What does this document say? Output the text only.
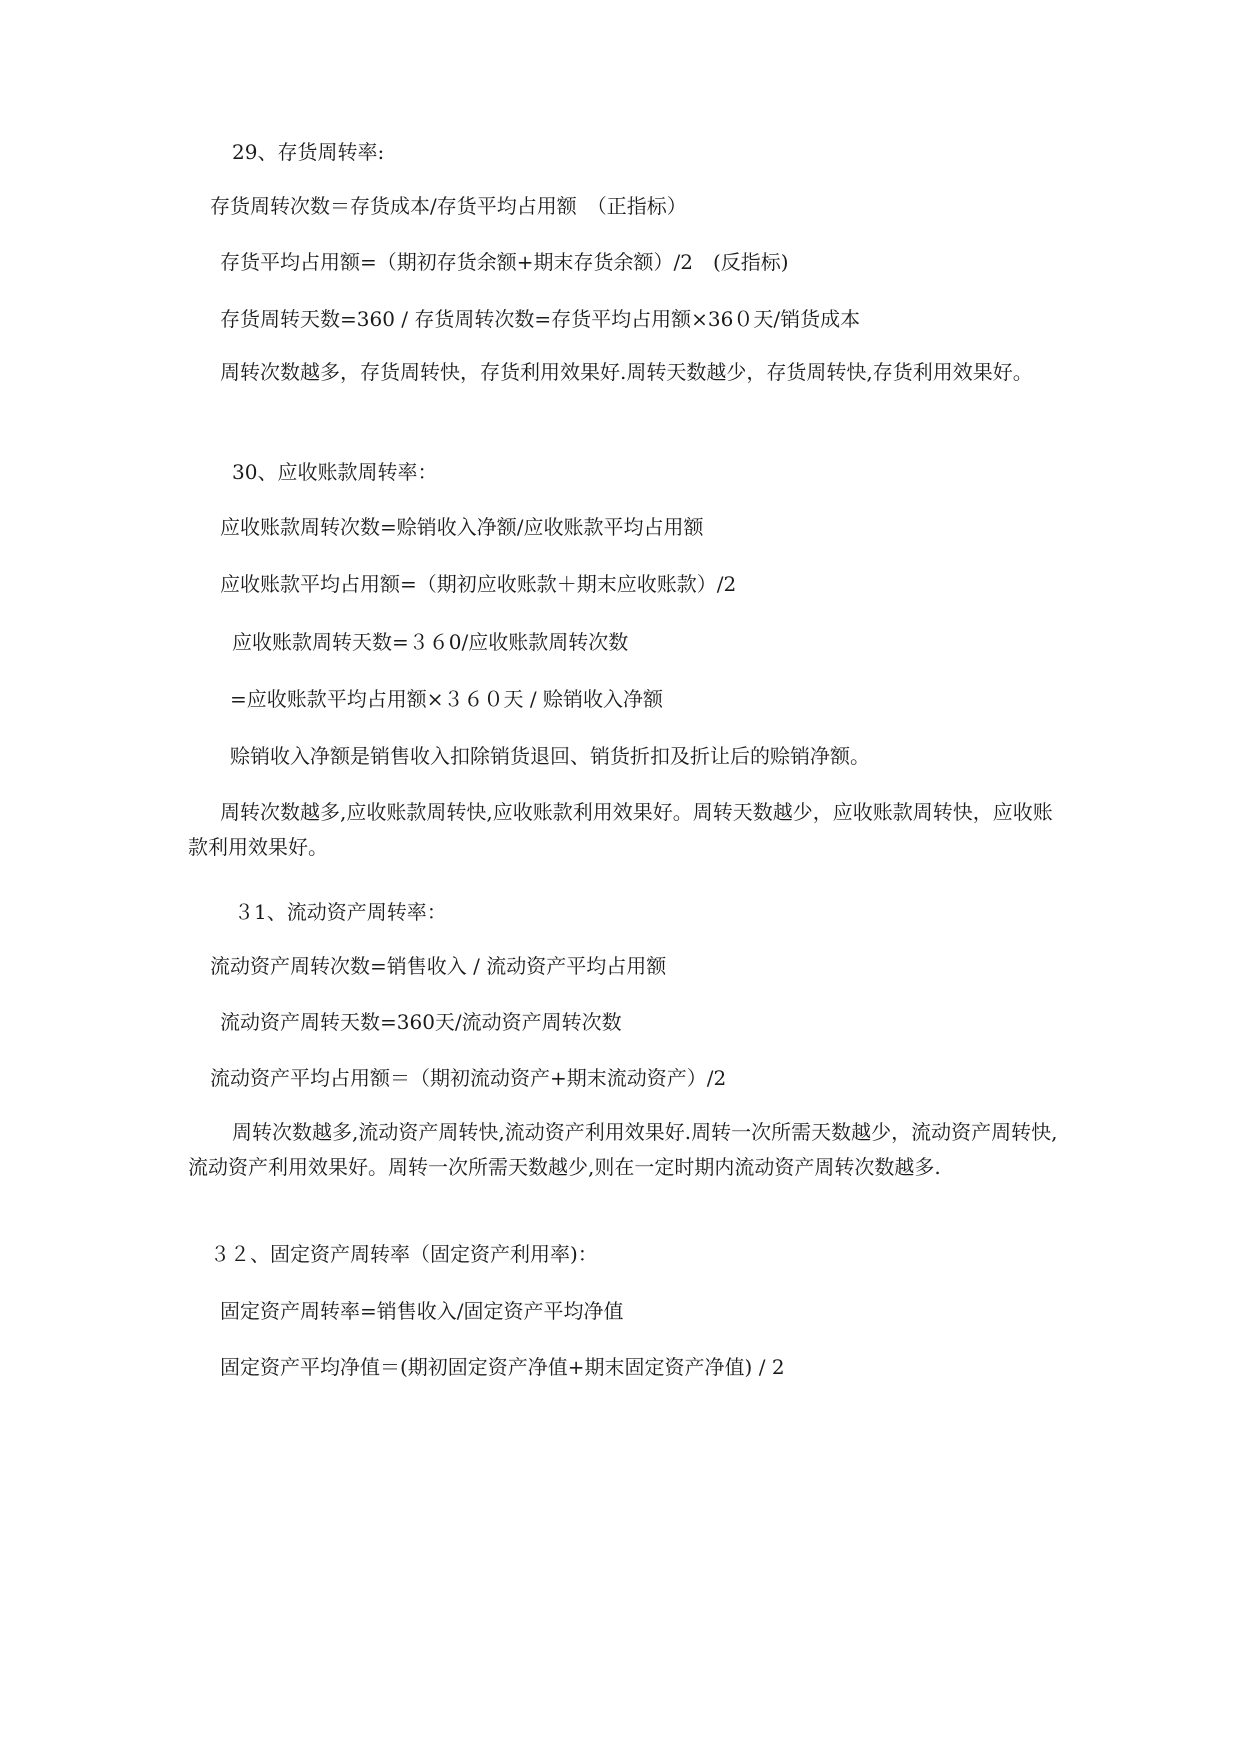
29、存货周转率:
存货周转次数＝存货成本/存货平均占用额　（正指标）
存货平均占用额=（期初存货余额+期末存货余额）/2　(反指标)
存货周转天数=360 / 存货周转次数=存货平均占用额×36０天/销货成本
周转次数越多，存货周转快，存货利用效果好.周转天数越少，存货周转快,存货利用效果好。
30、应收账款周转率：
应收账款周转次数=赊销收入净额/应收账款平均占用额
应收账款平均占用额=（期初应收账款＋期末应收账款）/2
应收账款周转天数=３６0/应收账款周转次数
=应收账款平均占用额×３６０天 / 赊销收入净额
赊销收入净额是销售收入扣除销货退回、销货折扣及折让后的赊销净额。
周转次数越多,应收账款周转快,应收账款利用效果好。周转天数越少，应收账款周转快，应收账款利用效果好。
３1、流动资产周转率：
流动资产周转次数=销售收入 / 流动资产平均占用额
流动资产周转天数=360天/流动资产周转次数
流动资产平均占用额＝（期初流动资产+期末流动资产）/2
周转次数越多,流动资产周转快,流动资产利用效果好.周转一次所需天数越少，流动资产周转快,流动资产利用效果好。周转一次所需天数越少,则在一定时期内流动资产周转次数越多.
３２、固定资产周转率（固定资产利用率)：
固定资产周转率=销售收入/固定资产平均净值
固定资产平均净值＝(期初固定资产净值+期末固定资产净值) / 2
